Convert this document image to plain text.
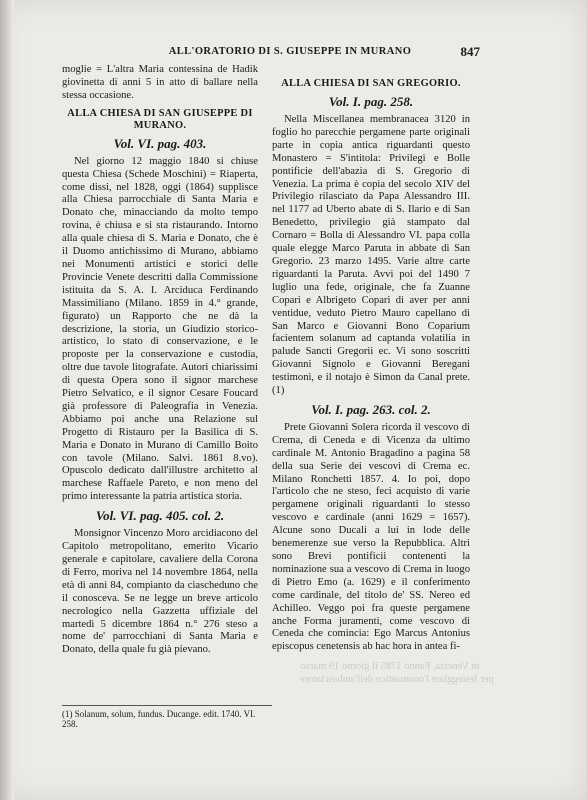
in Venezia, Fanno 1785 il giorno 19 marzo
per festeggiare l'onomastico dell'ambasciatore
ALL'ORATORIO DI S. GIUSEPPE IN MURANO	847

moglie = L'altra Maria contessina de Hadik giovinetta di anni 5 in atto di ballare nella stessa occasione.

ALLA CHIESA DI SAN GIUSEPPE DI MURANO.
Vol. VI. pag. 403.

Nel giorno 12 maggio 1840 si chiuse questa Chiesa (Schede Moschini) = Riaperta, come dissi, nel 1828, oggi (1864) supplisce alla Chiesa parrocchiale di Santa Maria e Donato che, minacciando da molto tempo rovina, è chiusa e si sta ristaurando. Intorno alla quale chiesa di S. Maria e Donato, che è il Duomo antichissimo di Murano, abbiamo nei Monumenti artistici e storici delle Provincie Venete descritti dalla Commissione istituita da S. A. I. Arciduca Ferdinando Massimiliano (Milano. 1859 in 4.° grande, figurato) un Rapporto che ne dà la descrizione, la storia, un Giudizio storico-artistico, lo stato di conservazione, e le proposte per la conservazione e custodia, oltre due tavole litografate. Autori chiarissimi di questa Opera sono il signor marchese Pietro Selvatico, e il signor Cesare Foucard già professore di Paleografia in Venezia. Abbiamo poi anche una Relazione sul Progetto di Ristauro per la Basilica di S. Maria e Donato in Murano di Camillo Boito con tavole (Milano. Salvi. 1861 8.vo). Opuscolo dedicato dall'illustre architetto al marchese Raffaele Pareto, e non meno del primo interessante la patria artistica storia.

Vol. VI. pag. 405. col. 2.

Monsignor Vincenzo Moro arcidiacono del Capitolo metropolitano, emerito Vicario generale e capitolare, cavaliere della Corona di Ferro, moriva nel 14 novembre 1864, nella età di anni 84, compianto da ciascheduno che il conosceva. Se ne legge un breve articolo necrologico nella Gazzetta uffiziale del martedì 5 dicembre 1864 n.° 276 steso a nome de' parrocchiani di Santa Maria e Donato, della quale fu già pievano.

ALLA CHIESA DI SAN GREGORIO.
Vol. I. pag. 258.

Nella Miscellanea membranacea 3120 in foglio ho parecchie pergamene parte originali parte in copia antica riguardanti questo Monastero = S'intitola: Privilegi e Bolle pontificie dell'abazia di S. Gregorio di Venezia. La prima è copia del secolo XIV del Privilegio rilasciato da Papa Alessandro III. nel 1177 ad Uberto abate di S. Ilario e di San Benedetto, privilegio già stampato dal Cornaro = Bolla di Alessandro VI. papa colla quale elegge Marco Paruta in abbate di San Gregorio. 23 marzo 1495. Varie altre carte riguardanti la Paruta. Avvi poi del 1490 7 luglio una fede, originale, che fa Zuanne Copari e Albrigeto Copari di aver per anni ventidue, veduto Pietro Mauro capellano di San Marco e Giovanni Bono Coparium facientem solanum ad captanda volatilia in palude Sancti Gregorii ec. Vi sono soscritti Giovanni Signolo e Giovanni Beregani testimoni, e il notajo è Simon da Canal prete. (1)

Vol. I. pag. 263. col. 2.

Prete Giovanni Solera ricorda il vescovo di Crema, di Ceneda e di Vicenza da ultimo cardinale M. Antonio Bragadino a pagina 58 della sua Serie dei vescovi di Crema ec. Milano Ronchetti 1857. 4. Io poi, dopo l'articolo che ne steso, feci acquisto di varie pergamene originali riguardanti lo stesso vescovo e cardinale (anni 1629 = 1657). Alcune sono Ducali a lui in lode delle benemerenze sue verso la Repubblica. Altri sono Brevi pontificii contenenti la nominazione sua a vescovo di Crema in luogo di Pietro Emo (a. 1629) e il conferimento come cardinale, del titolo de' SS. Nereo ed Achilleo. Veggo poi fra queste pergamene anche Forma juramenti, come vescovo di Ceneda che comincia: Ego Marcus Antonius episcopus cenetensis ab hac hora in antea fi-

(1) Solanum, solum, fundus. Ducange. edit. 1740. VI. 258.
